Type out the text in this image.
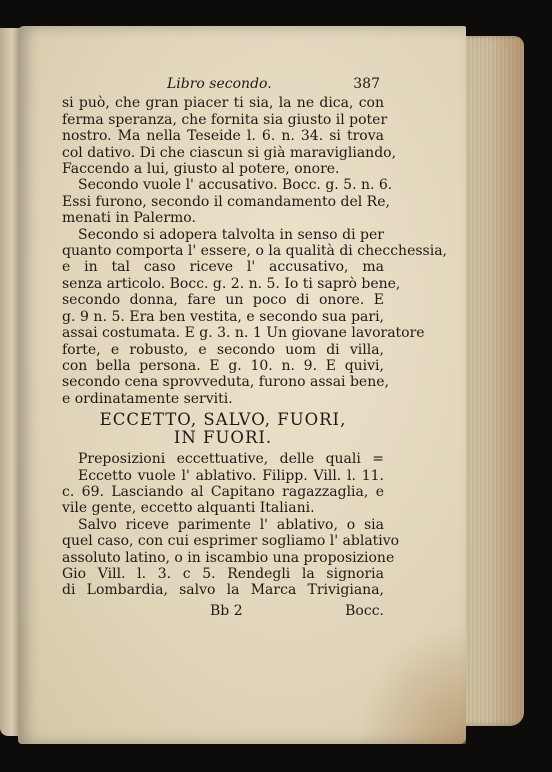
Libro secondo.	387
si può, che gran piacer ti sia, la ne dica, con
ferma speranza, che fornita sia giusto il poter
nostro. Ma nella Teseide l. 6. n. 34. si trova
col dativo. Di che ciascun si già maravigliando,
Faccendo a lui, giusto al potere, onore.
Secondo vuole l' accusativo. Bocc. g. 5. n. 6.
Essi furono, secondo il comandamento del Re,
menati in Palermo.
Secondo si adopera talvolta in senso di per
quanto comporta l' essere, o la qualità di checchessia,
e in tal caso riceve l' accusativo, ma
senza articolo. Bocc. g. 2. n. 5. Io ti saprò bene,
secondo donna, fare un poco di onore. E
g. 9 n. 5. Era ben vestita, e secondo sua pari,
assai costumata. E g. 3. n. 1 Un giovane lavoratore
forte, e robusto, e secondo uom di villa,
con bella persona. E g. 10. n. 9. E quivi,
secondo cena sprovveduta, furono assai bene,
e ordinatamente serviti.
ECCETTO, SALVO, FUORI,
IN FUORI.
Preposizioni eccettuative, delle quali =
Eccetto vuole l' ablativo. Filipp. Vill. l. 11.
c. 69. Lasciando al Capitano ragazzaglia, e
vile gente, eccetto alquanti Italiani.
Salvo riceve parimente l' ablativo, o sia
quel caso, con cui esprimer sogliamo l' ablativo
assoluto latino, o in iscambio una proposizione
Gio Vill. l. 3. c 5. Rendegli la signoria
di Lombardia, salvo la Marca Trivigiana,
Bb 2	Bocc.
